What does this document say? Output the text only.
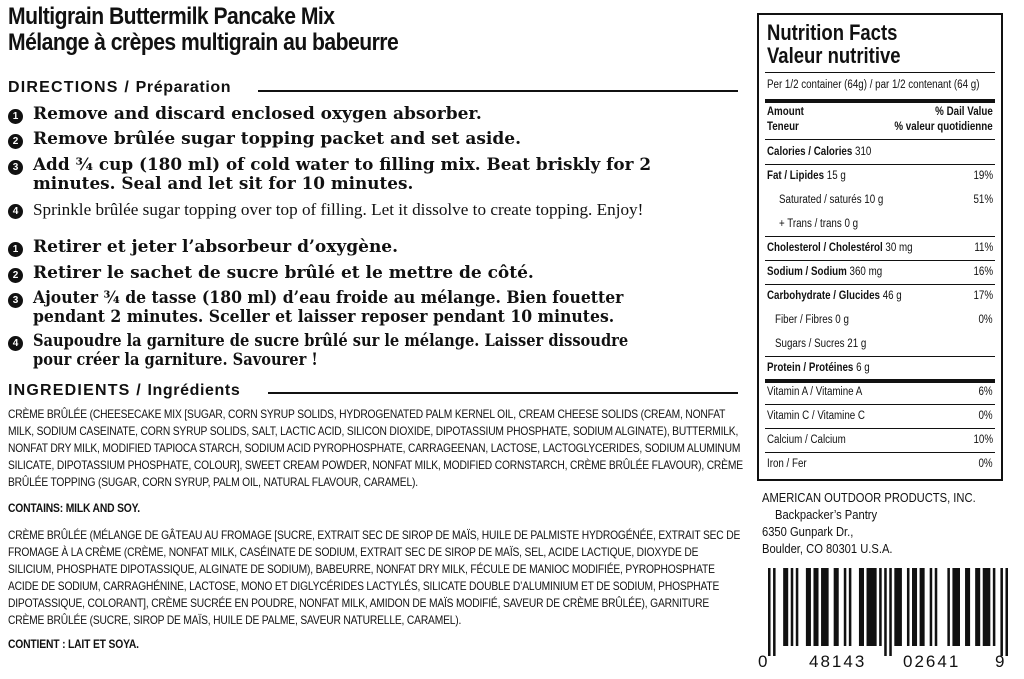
Multigrain Buttermilk Pancake Mix
Mélange à crèpes multigrain au babeurre
DIRECTIONS / Préparation
1 Remove and discard enclosed oxygen absorber.
2 Remove brûlée sugar topping packet and set aside.
3 Add ¾ cup (180 ml) of cold water to filling mix. Beat briskly for 2
minutes. Seal and let sit for 10 minutes.
4 Sprinkle brûlée sugar topping over top of filling. Let it dissolve to create topping. Enjoy!
1 Retirer et jeter l’absorbeur d’oxygène.
2 Retirer le sachet de sucre brûlé et le mettre de côté.
3 Ajouter ¾ de tasse (180 ml) d’eau froide au mélange. Bien fouetter
pendant 2 minutes. Sceller et laisser reposer pendant 10 minutes.
4 Saupoudre la garniture de sucre brûlé sur le mélange. Laisser dissoudre
pour créer la garniture. Savourer !
INGREDIENTS / Ingrédients
CRÈME BRÛLÉE (CHEESECAKE MIX [SUGAR, CORN SYRUP SOLIDS, HYDROGENATED PALM KERNEL OIL, CREAM CHEESE SOLIDS (CREAM, NONFAT MILK, SODIUM CASEINATE, CORN SYRUP SOLIDS, SALT, LACTIC ACID, SILICON DIOXIDE, DIPOTASSIUM PHOSPHATE, SODIUM ALGINATE), BUTTERMILK, NONFAT DRY MILK, MODIFIED TAPIOCA STARCH, SODIUM ACID PYROPHOSPHATE, CARRAGEENAN, LACTOSE, LACTOGLYCERIDES, SODIUM ALUMINUM SILICATE, DIPOTASSIUM PHOSPHATE, COLOUR], SWEET CREAM POWDER, NONFAT MILK, MODIFIED CORNSTARCH, CRÈME BRÛLÉE FLAVOUR), CRÈME BRÛLÉE TOPPING (SUGAR, CORN SYRUP, PALM OIL, NATURAL FLAVOUR, CARAMEL).
CONTAINS: MILK AND SOY.
CRÈME BRÛLÉE (MÉLANGE DE GÂTEAU AU FROMAGE [SUCRE, EXTRAIT SEC DE SIROP DE MAÏS, HUILE DE PALMISTE HYDROGÉNÉE, EXTRAIT SEC DE FROMAGE À LA CRÈME (CRÈME, NONFAT MILK, CASÉINATE DE SODIUM, EXTRAIT SEC DE SIROP DE MAÏS, SEL, ACIDE LACTIQUE, DIOXYDE DE SILICIUM, PHOSPHATE DIPOTASSIQUE, ALGINATE DE SODIUM), BABEURRE, NONFAT DRY MILK, FÉCULE DE MANIOC MODIFIÉE, PYROPHOSPHATE ACIDE DE SODIUM, CARRAGHÉNINE, LACTOSE, MONO ET DIGLYCÉRIDES LACTYLÉS, SILICATE DOUBLE D’ALUMINIUM ET DE SODIUM, PHOSPHATE DIPOTASSIQUE, COLORANT], CRÈME SUCRÉE EN POUDRE, NONFAT MILK, AMIDON DE MAÏS MODIFIÉ, SAVEUR DE CRÈME BRÛLÉE), GARNITURE CRÈME BRÛLÉE (SUCRE, SIROP DE MAÏS, HUILE DE PALME, SAVEUR NATURELLE, CARAMEL).
CONTIENT : LAIT ET SOYA.
Nutrition Facts
Valeur nutritive
Per 1/2 container (64g) / par 1/2 contenant (64 g)
Amount	% Dail Value
Teneur	% valeur quotidienne
Calories / Calories 310
Fat / Lipides 15 g	19%
Saturated / saturés 10 g	51%
+ Trans / trans 0 g
Cholesterol / Cholestérol 30 mg	11%
Sodium / Sodium 360 mg	16%
Carbohydrate / Glucides 46 g	17%
Fiber / Fibres 0 g	0%
Sugars / Sucres 21 g
Protein / Protéines 6 g
Vitamin A / Vitamine A	6%
Vitamin C / Vitamine C	0%
Calcium / Calcium	10%
Iron / Fer	0%
AMERICAN OUTDOOR PRODUCTS, INC.
Backpacker’s Pantry
6350 Gunpark Dr.,
Boulder, CO 80301 U.S.A.
0 48143 02641 9
